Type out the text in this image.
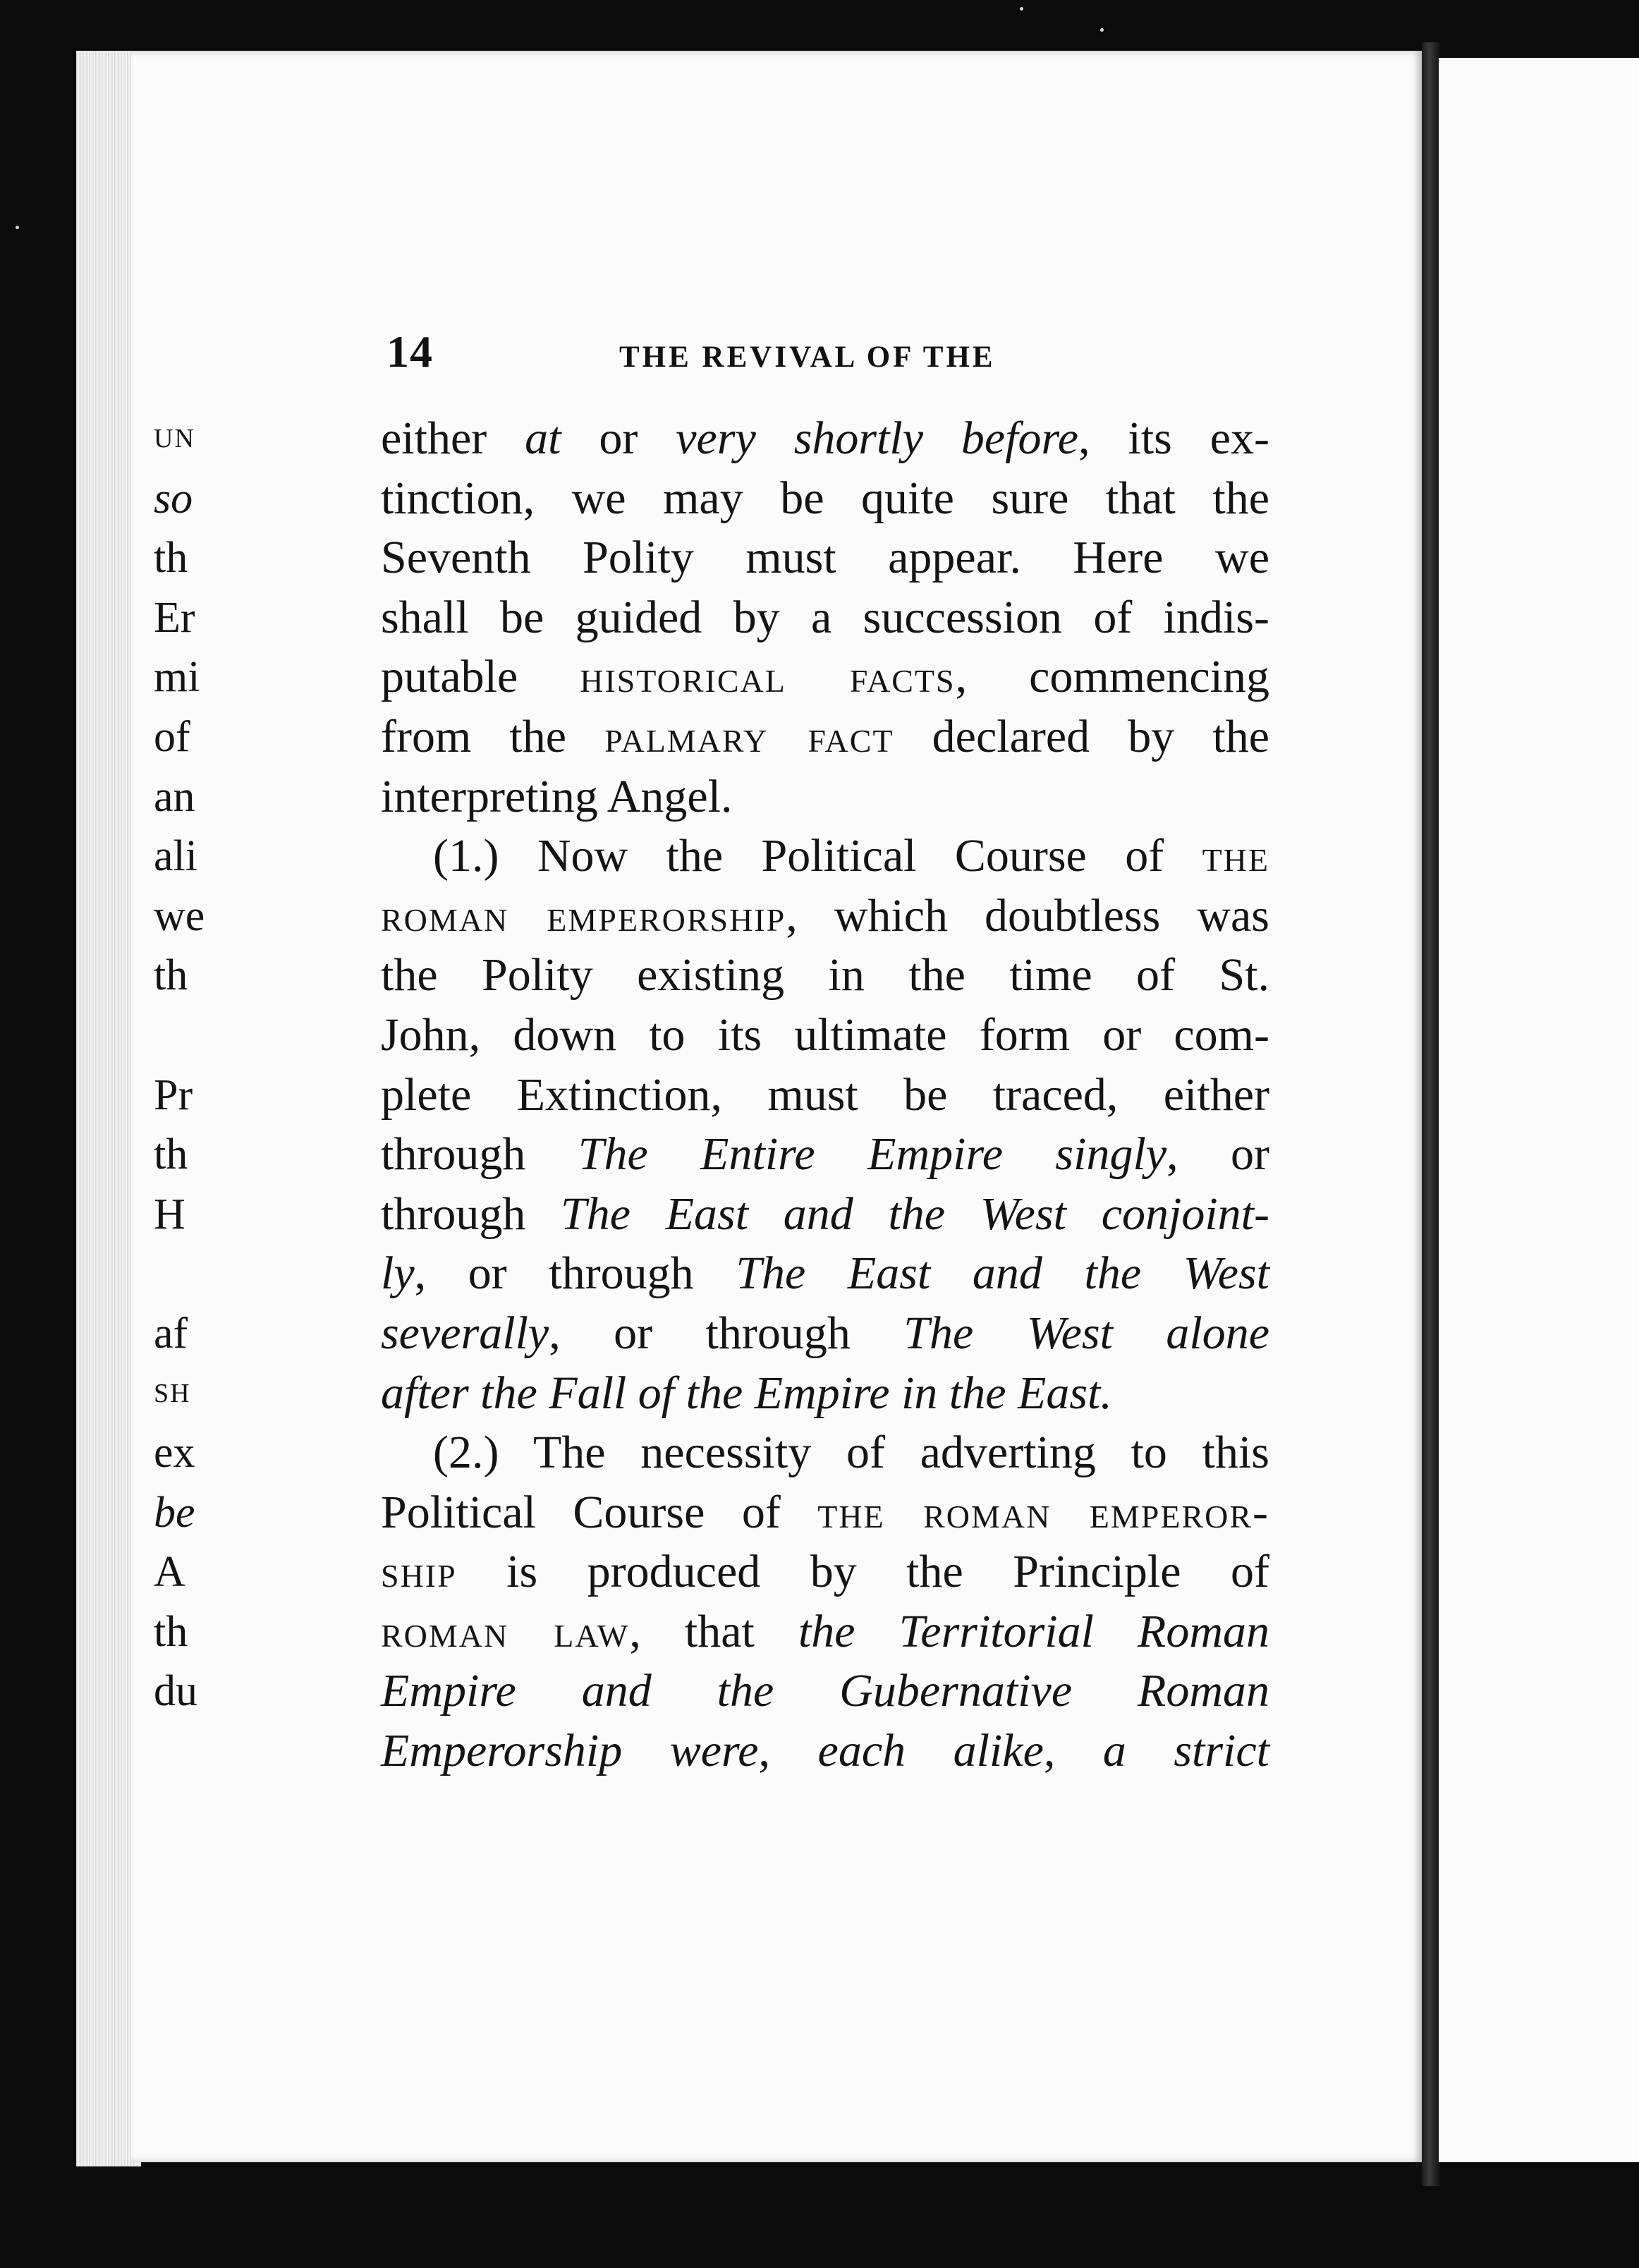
14	THE REVIVAL OF THE
either at or very shortly before, its ex-
tinction, we may be quite sure that the
Seventh Polity must appear. Here we
shall be guided by a succession of indis-
putable historical facts, commencing
from the palmary fact declared by the
interpreting Angel.
(1.) Now the Political Course of the
roman emperorship, which doubtless was
the Polity existing in the time of St.
John, down to its ultimate form or com-
plete Extinction, must be traced, either
through The Entire Empire singly, or
through The East and the West conjoint-
ly, or through The East and the West
severally, or through The West alone
after the Fall of the Empire in the East.
(2.) The necessity of adverting to this
Political Course of the roman emperor-
ship is produced by the Principle of
roman law, that the Territorial Roman
Empire and the Gubernative Roman
Emperorship were, each alike, a strict
UN
so
th
Er
mi
of
an
ali
we
th

Pr
th
H

af
SH
ex
be
A
th
du
